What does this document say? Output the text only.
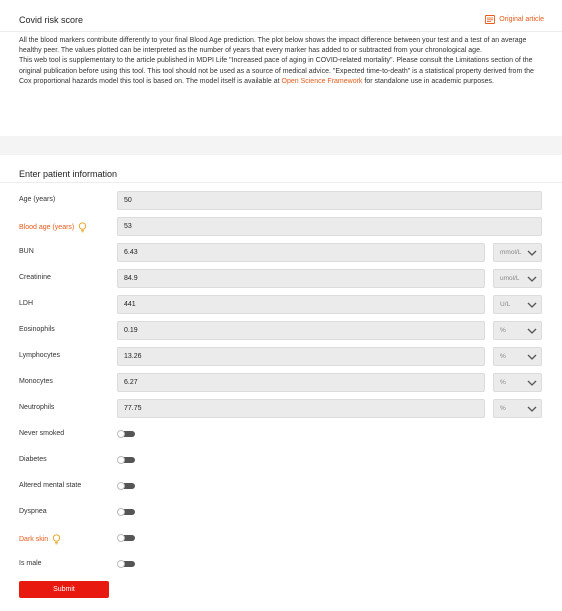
Covid risk score	Original article

All the blood markers contribute differently to your final Blood Age prediction. The plot below shows the impact difference between your test and a test of an average healthy peer. The values plotted can be interpreted as the number of years that every marker has added to or subtracted from your chronological age.

This web tool is supplementary to the article published in MDPI Life "Increased pace of aging in COVID-related mortality". Please consult the Limitations section of the original publication before using this tool. This tool should not be used as a source of medical advice. "Expected time-to-death" is a statistical property derived from the Cox proportional hazards model this tool is based on. The model itself is available at Open Science Framework for standalone use in academic purposes.

Enter patient information
Age (years)	50
Blood age (years)	53
BUN	6.43	mmol/L
Creatinine	84.9	umol/L
LDH	441	U/L
Eosinophils	0.19	%
Lymphocytes	13.26	%
Monocytes	6.27	%
Neutrophils	77.75	%
Never smoked
Diabetes
Altered mental state
Dyspnea
Dark skin
Is male
Submit
